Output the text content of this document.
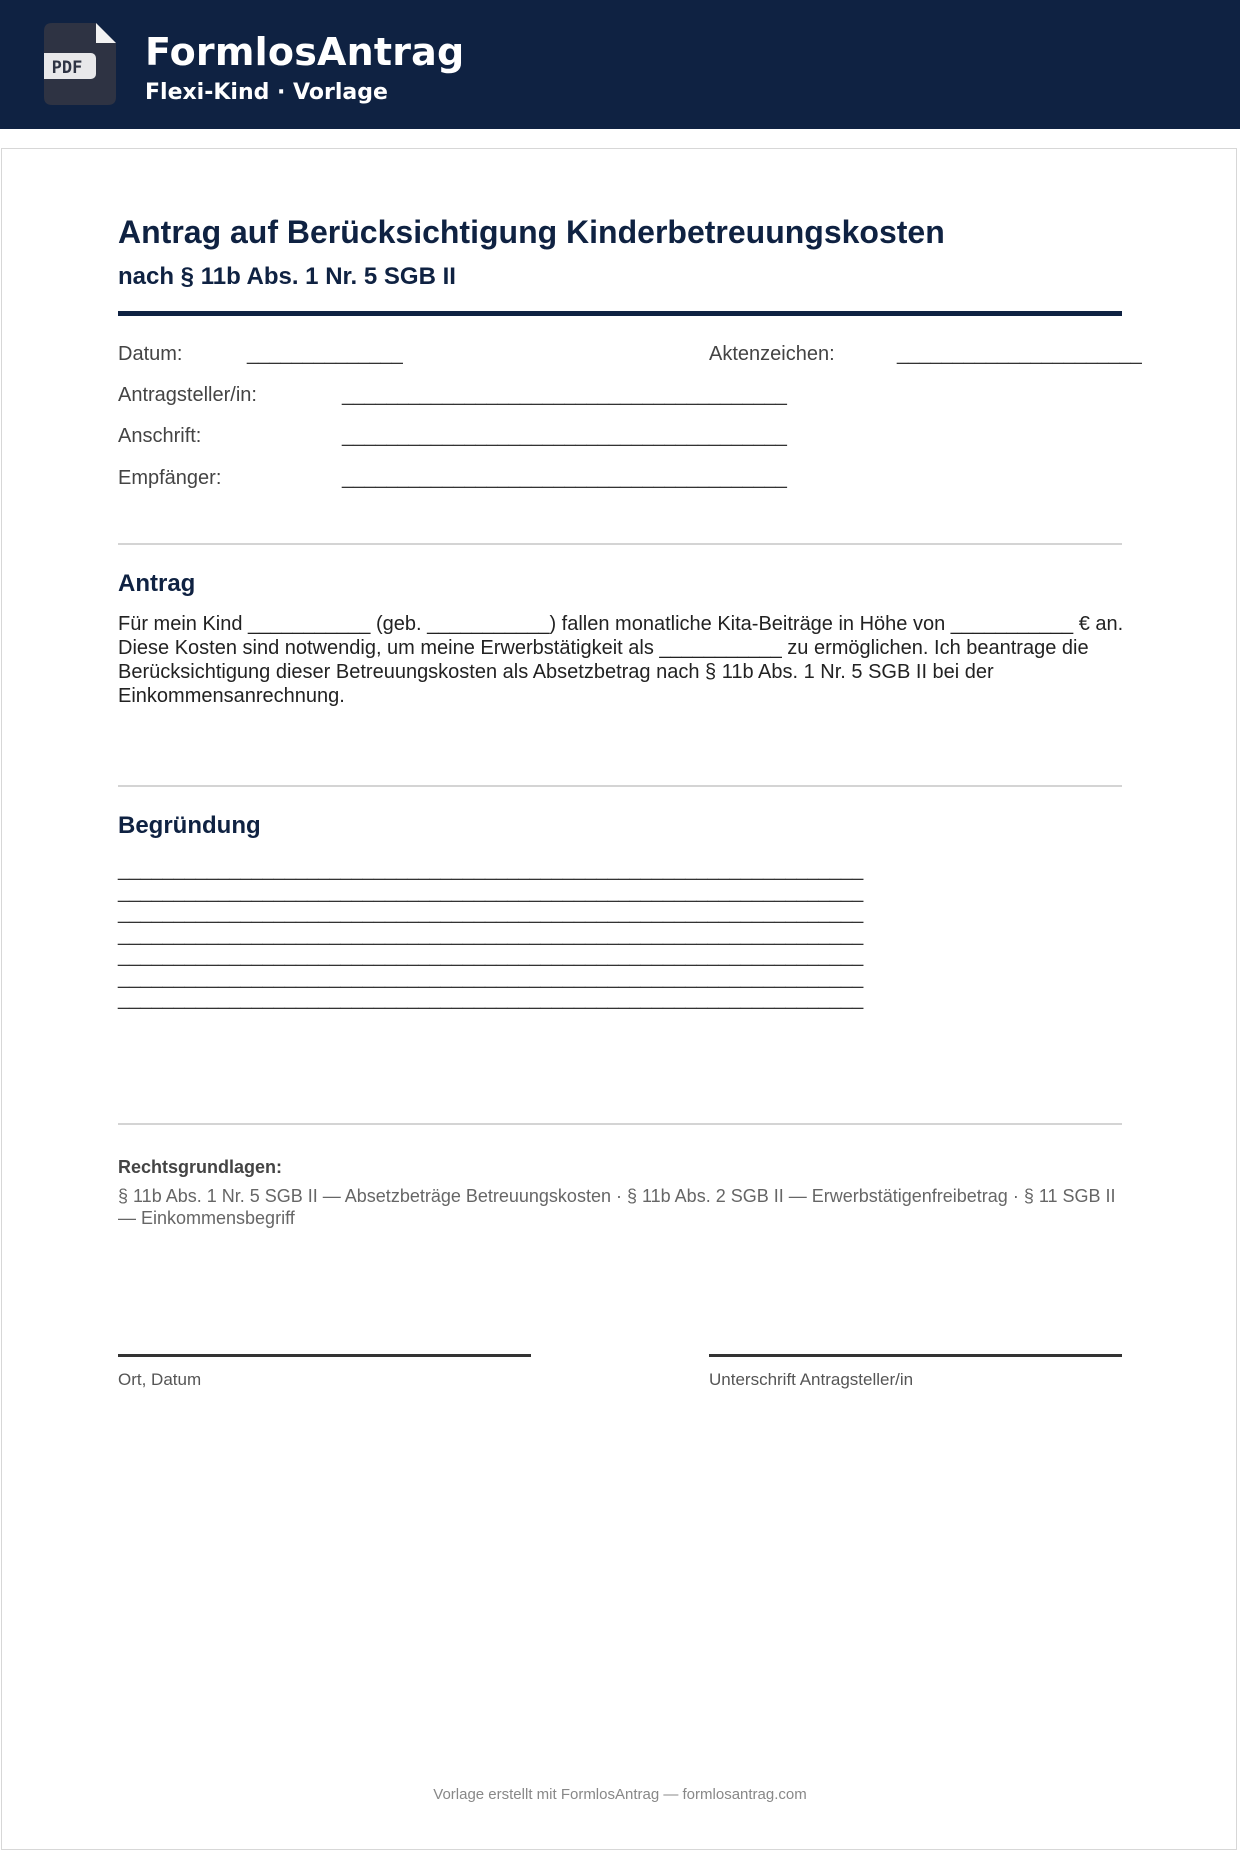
PDF FormlosAntrag
Flexi-Kind · Vorlage
Antrag auf Berücksichtigung Kinderbetreuungskosten
nach § 11b Abs. 1 Nr. 5 SGB II
Datum:	______________	Aktenzeichen:	______________________
Antragsteller/in:	________________________________________
Anschrift:	________________________________________
Empfänger:	________________________________________
Antrag
Für mein Kind ___________ (geb. ___________) fallen monatliche Kita-Beiträge in Höhe von ___________ € an. Diese Kosten sind notwendig, um meine Erwerbstätigkeit als ___________ zu ermöglichen. Ich beantrage die Berücksichtigung dieser Betreuungskosten als Absetzbetrag nach § 11b Abs. 1 Nr. 5 SGB II bei der Einkommensanrechnung.
Begründung
___________________________________________________________________
___________________________________________________________________
___________________________________________________________________
___________________________________________________________________
___________________________________________________________________
___________________________________________________________________
___________________________________________________________________
Rechtsgrundlagen:
§ 11b Abs. 1 Nr. 5 SGB II — Absetzbeträge Betreuungskosten · § 11b Abs. 2 SGB II — Erwerbstätigenfreibetrag · § 11 SGB II — Einkommensbegriff
Ort, Datum	Unterschrift Antragsteller/in
Vorlage erstellt mit FormlosAntrag — formlosantrag.com
